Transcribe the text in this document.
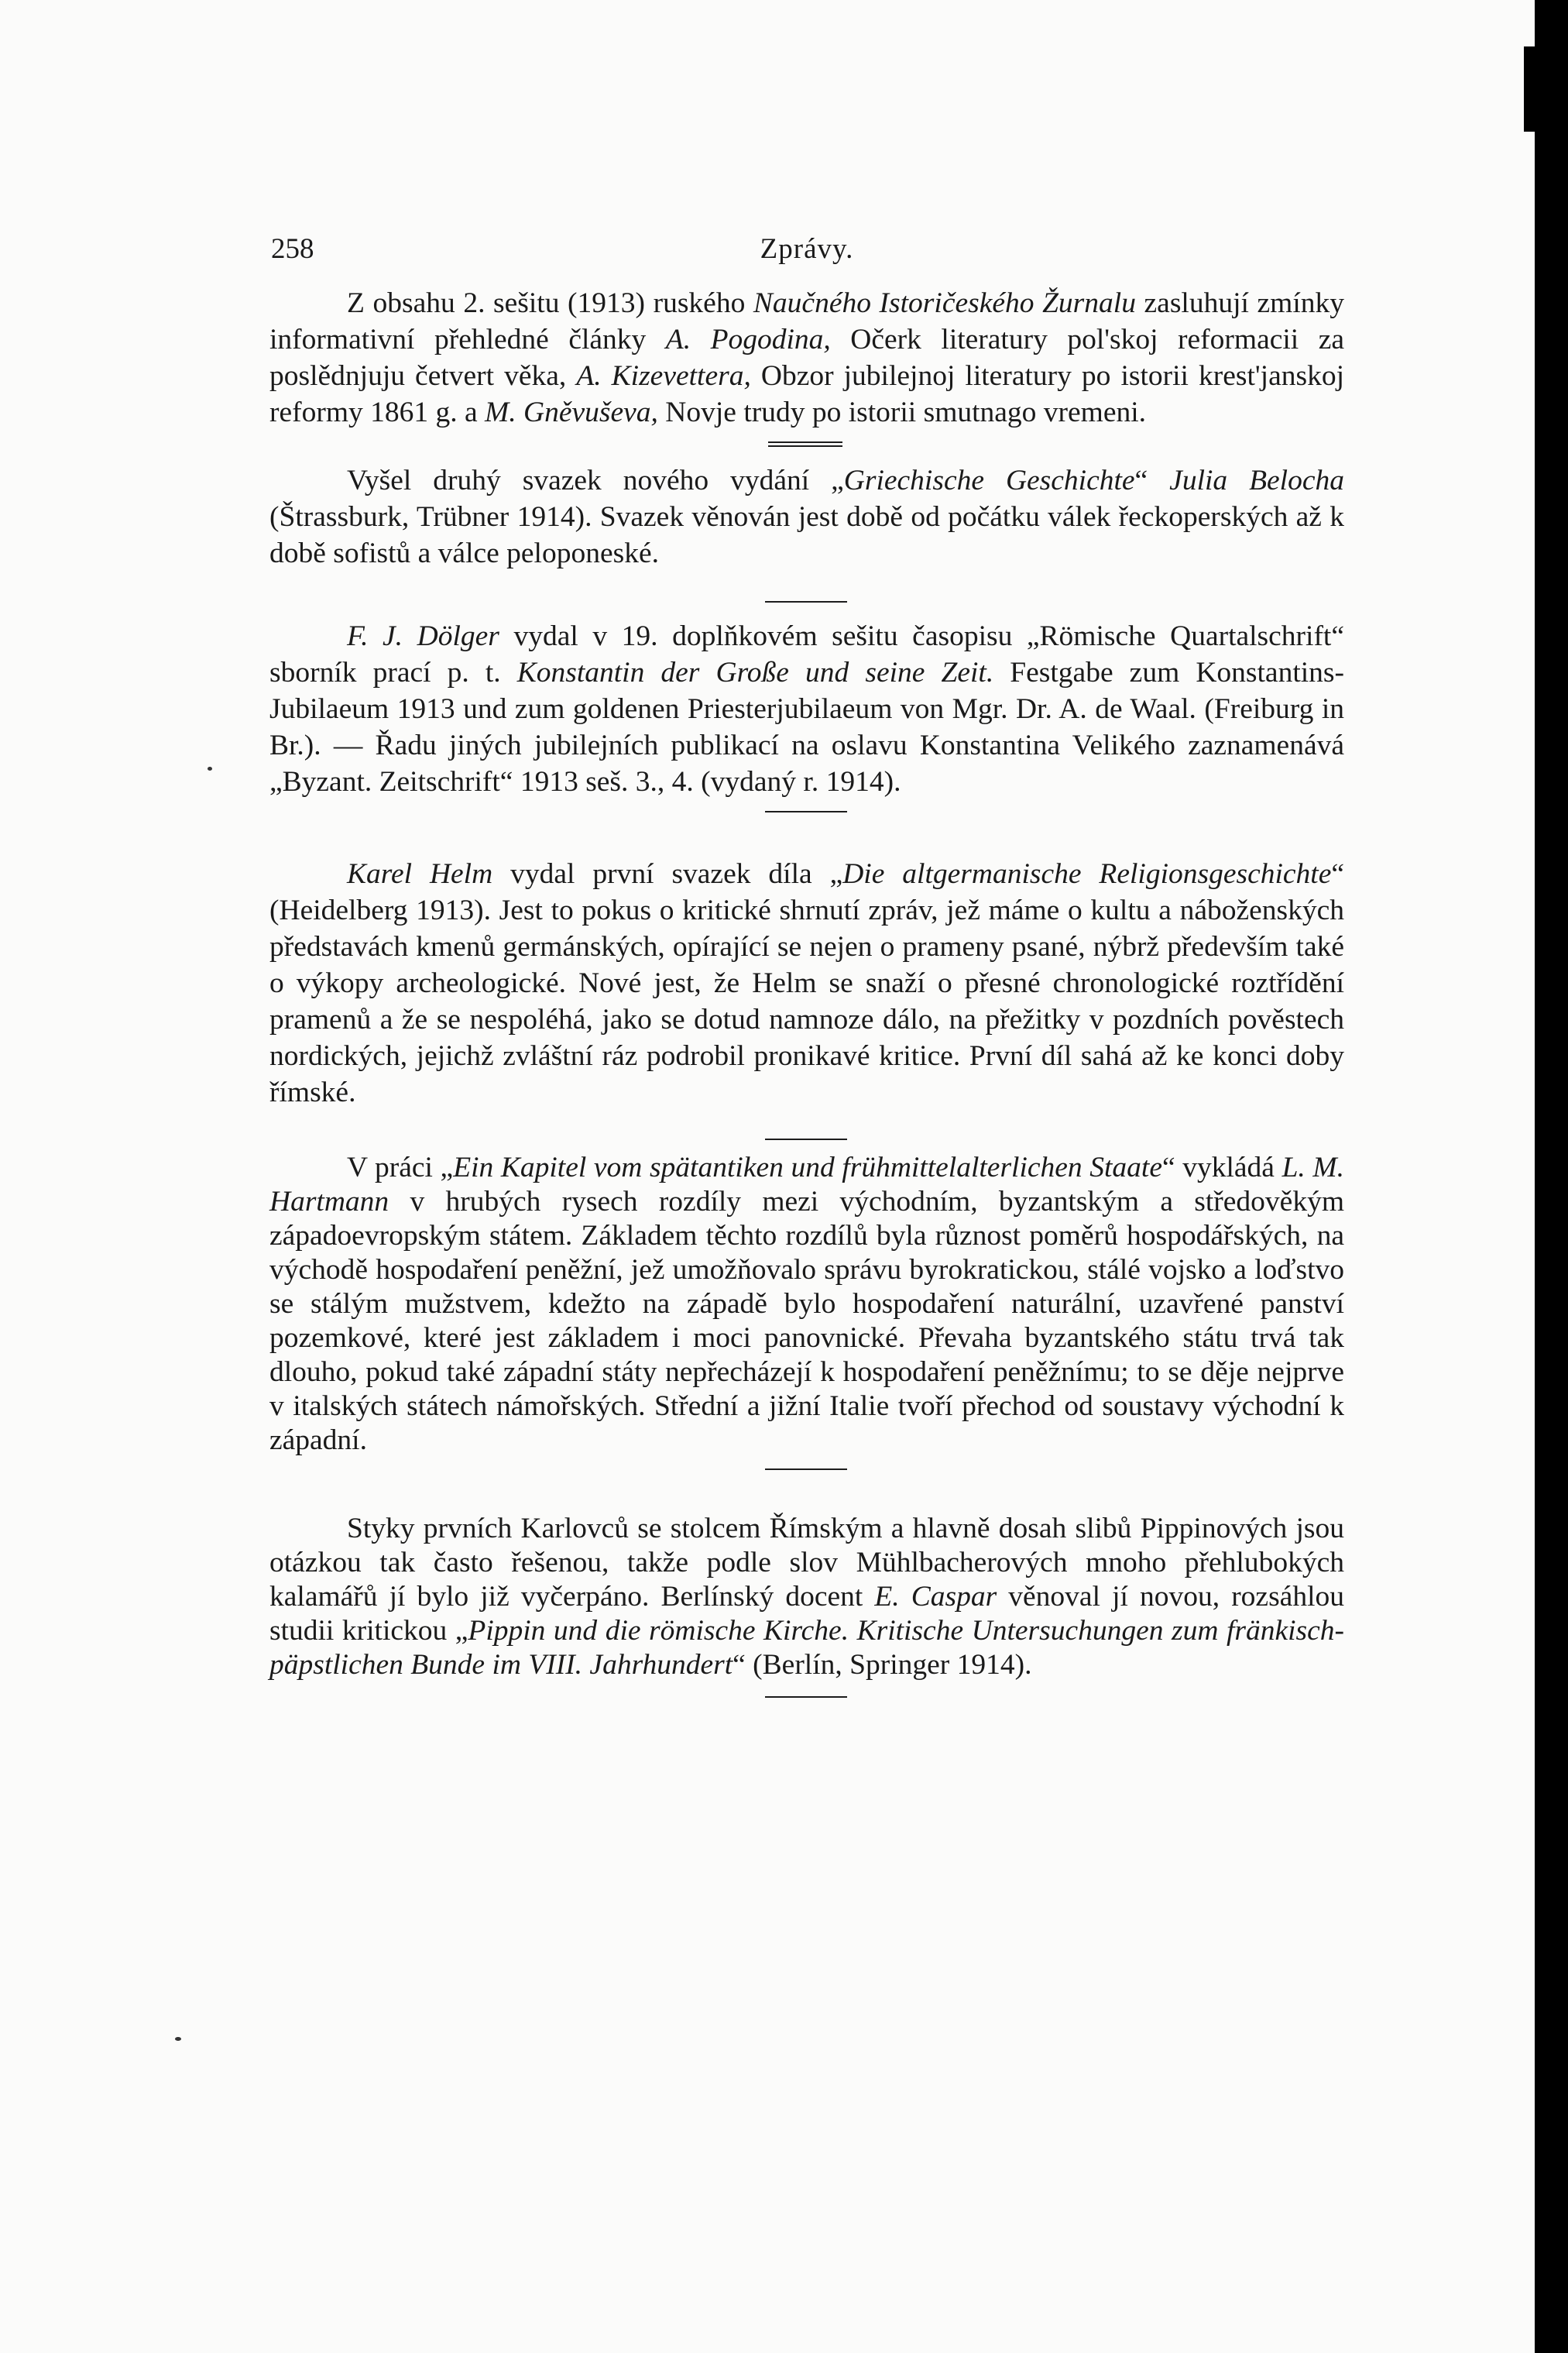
258	Zprávy.

Z obsahu 2. sešitu (1913) ruského Naučného Istoričeského Žurnalu zasluhují zmínky informativní přehledné články A. Pogodina, Očerk literatury pol'skoj reformacii za poslědnjuju četvert věka, A. Kizevettera, Obzor jubilejnoj literatury po istorii krest'janskoj reformy 1861 g. a M. Gněvuševa, Novje trudy po istorii smutnago vremeni.

Vyšel druhý svazek nového vydání „Griechische Geschichte“ Julia Belocha (Štrassburk, Trübner 1914). Svazek věnován jest době od počátku válek řeckoperských až k době sofistů a válce peloponeské.

F. J. Dölger vydal v 19. doplňkovém sešitu časopisu „Römische Quartalschrift“ sborník prací p. t. Konstantin der Große und seine Zeit. Festgabe zum Konstantins-Jubilaeum 1913 und zum goldenen Priesterjubilaeum von Mgr. Dr. A. de Waal. (Freiburg in Br.). — Řadu jiných jubilejních publikací na oslavu Konstantina Velikého zaznamenává „Byzant. Zeitschrift“ 1913 seš. 3., 4. (vydaný r. 1914).

Karel Helm vydal první svazek díla „Die altgermanische Religionsgeschichte“ (Heidelberg 1913). Jest to pokus o kritické shrnutí zpráv, jež máme o kultu a náboženských představách kmenů germánských, opírající se nejen o prameny psané, nýbrž především také o výkopy archeologické. Nové jest, že Helm se snaží o přesné chronologické roztřídění pramenů a že se nespoléhá, jako se dotud namnoze dálo, na přežitky v pozdních pověstech nordických, jejichž zvláštní ráz podrobil pronikavé kritice. První díl sahá až ke konci doby římské.

V práci „Ein Kapitel vom spätantiken und frühmittelalterlichen Staate“ vykládá L. M. Hartmann v hrubých rysech rozdíly mezi východním, byzantským a středověkým západoevropským státem. Základem těchto rozdílů byla různost poměrů hospodářských, na východě hospodaření peněžní, jež umožňovalo správu byrokratickou, stálé vojsko a loďstvo se stálým mužstvem, kdežto na západě bylo hospodaření naturální, uzavřené panství pozemkové, které jest základem i moci panovnické. Převaha byzantského státu trvá tak dlouho, pokud také západní státy nepřecházejí k hospodaření peněžnímu; to se děje nejprve v italských státech námořských. Střední a jižní Italie tvoří přechod od soustavy východní k západní.

Styky prvních Karlovců se stolcem Římským a hlavně dosah slibů Pippinových jsou otázkou tak často řešenou, takže podle slov Mühlbacherových mnoho přehlubokých kalamářů jí bylo již vyčerpáno. Berlínský docent E. Caspar věnoval jí novou, rozsáhlou studii kritickou „Pippin und die römische Kirche. Kritische Untersuchungen zum fränkisch-päpstlichen Bunde im VIII. Jahrhundert“ (Berlín, Springer 1914).
